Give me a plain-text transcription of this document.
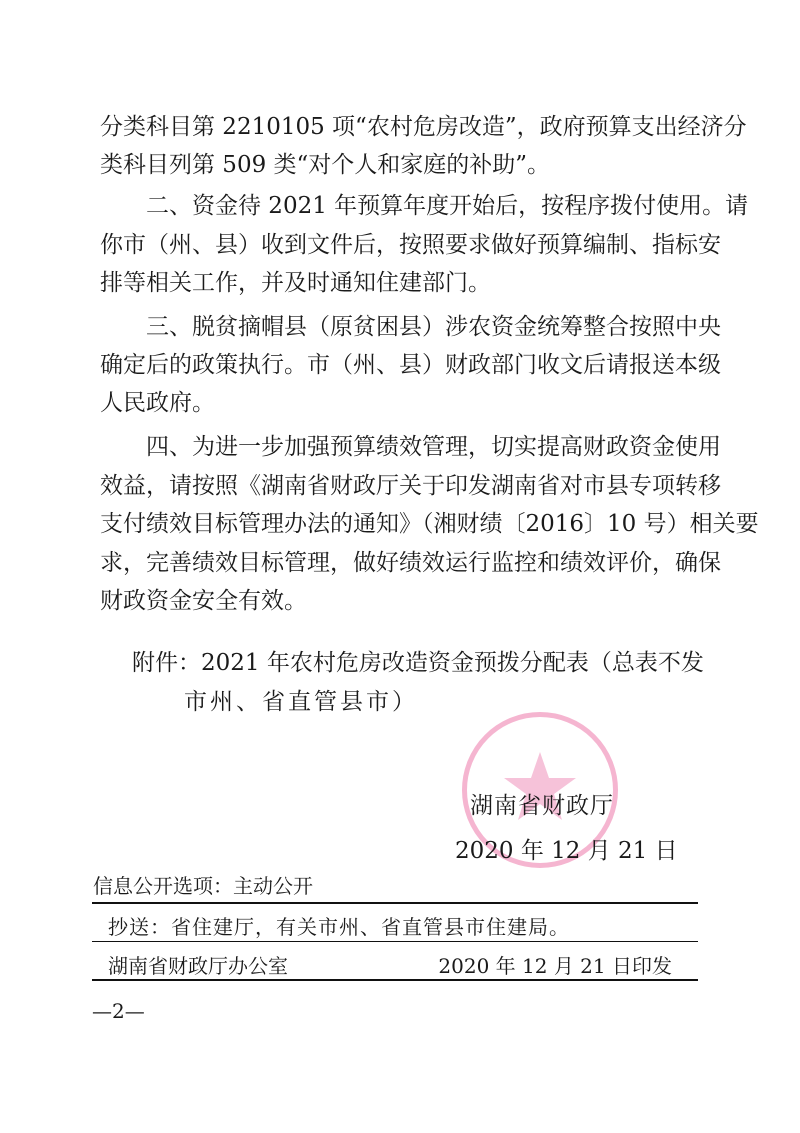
分类科目第 2210105 项“农村危房改造”，政府预算支出经济分
类科目列第 509 类“对个人和家庭的补助”。
二、资金待 2021 年预算年度开始后，按程序拨付使用。请
你市（州、县）收到文件后，按照要求做好预算编制、指标安
排等相关工作，并及时通知住建部门。
三、脱贫摘帽县（原贫困县）涉农资金统筹整合按照中央
确定后的政策执行。市（州、县）财政部门收文后请报送本级
人民政府。
四、为进一步加强预算绩效管理，切实提高财政资金使用
效益，请按照《湖南省财政厅关于印发湖南省对市县专项转移
支付绩效目标管理办法的通知》（湘财绩〔2016〕10 号）相关要
求，完善绩效目标管理，做好绩效运行监控和绩效评价，确保
财政资金安全有效。
附件：2021 年农村危房改造资金预拨分配表（总表不发
市州、省直管县市）
湖南省财政厅
2020 年 12 月 21 日
信息公开选项：主动公开
抄送：省住建厅，有关市州、省直管县市住建局。
湖南省财政厅办公室	2020 年 12 月 21 日印发
—2—
